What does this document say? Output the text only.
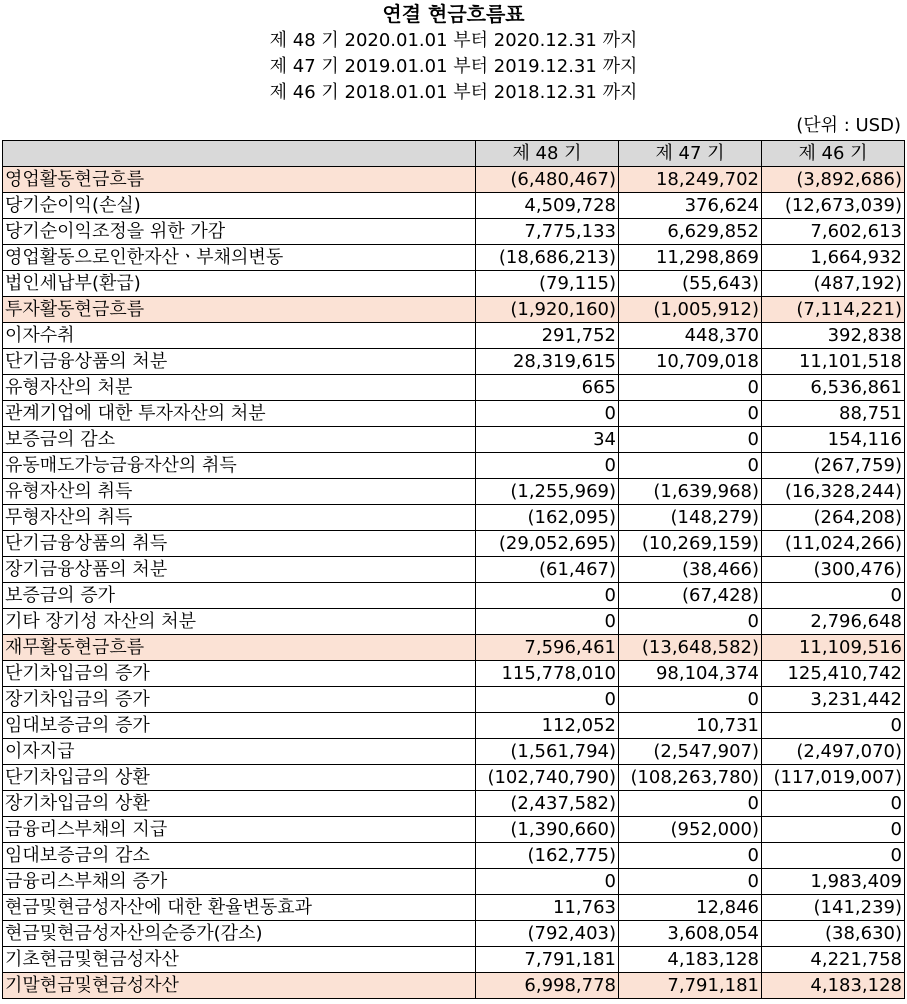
연결 현금흐름표
제 48 기 2020.01.01 부터 2020.12.31 까지
제 47 기 2019.01.01 부터 2019.12.31 까지
제 46 기 2018.01.01 부터 2018.12.31 까지
(단위 : USD)
	제 48 기	제 47 기	제 46 기
영업활동현금흐름	(6,480,467)	18,249,702	(3,892,686)
당기순이익(손실)	4,509,728	376,624	(12,673,039)
당기순이익조정을 위한 가감	7,775,133	6,629,852	7,602,613
영업활동으로인한자산ㆍ부채의변동	(18,686,213)	11,298,869	1,664,932
법인세납부(환급)	(79,115)	(55,643)	(487,192)
투자활동현금흐름	(1,920,160)	(1,005,912)	(7,114,221)
이자수취	291,752	448,370	392,838
단기금융상품의 처분	28,319,615	10,709,018	11,101,518
유형자산의 처분	665	0	6,536,861
관계기업에 대한 투자자산의 처분	0	0	88,751
보증금의 감소	34	0	154,116
유동매도가능금융자산의 취득	0	0	(267,759)
유형자산의 취득	(1,255,969)	(1,639,968)	(16,328,244)
무형자산의 취득	(162,095)	(148,279)	(264,208)
단기금융상품의 취득	(29,052,695)	(10,269,159)	(11,024,266)
장기금융상품의 처분	(61,467)	(38,466)	(300,476)
보증금의 증가	0	(67,428)	0
기타 장기성 자산의 처분	0	0	2,796,648
재무활동현금흐름	7,596,461	(13,648,582)	11,109,516
단기차입금의 증가	115,778,010	98,104,374	125,410,742
장기차입금의 증가	0	0	3,231,442
임대보증금의 증가	112,052	10,731	0
이자지급	(1,561,794)	(2,547,907)	(2,497,070)
단기차입금의 상환	(102,740,790)	(108,263,780)	(117,019,007)
장기차입금의 상환	(2,437,582)	0	0
금융리스부채의 지급	(1,390,660)	(952,000)	0
임대보증금의 감소	(162,775)	0	0
금융리스부채의 증가	0	0	1,983,409
현금및현금성자산에 대한 환율변동효과	11,763	12,846	(141,239)
현금및현금성자산의순증가(감소)	(792,403)	3,608,054	(38,630)
기초현금및현금성자산	7,791,181	4,183,128	4,221,758
기말현금및현금성자산	6,998,778	7,791,181	4,183,128
